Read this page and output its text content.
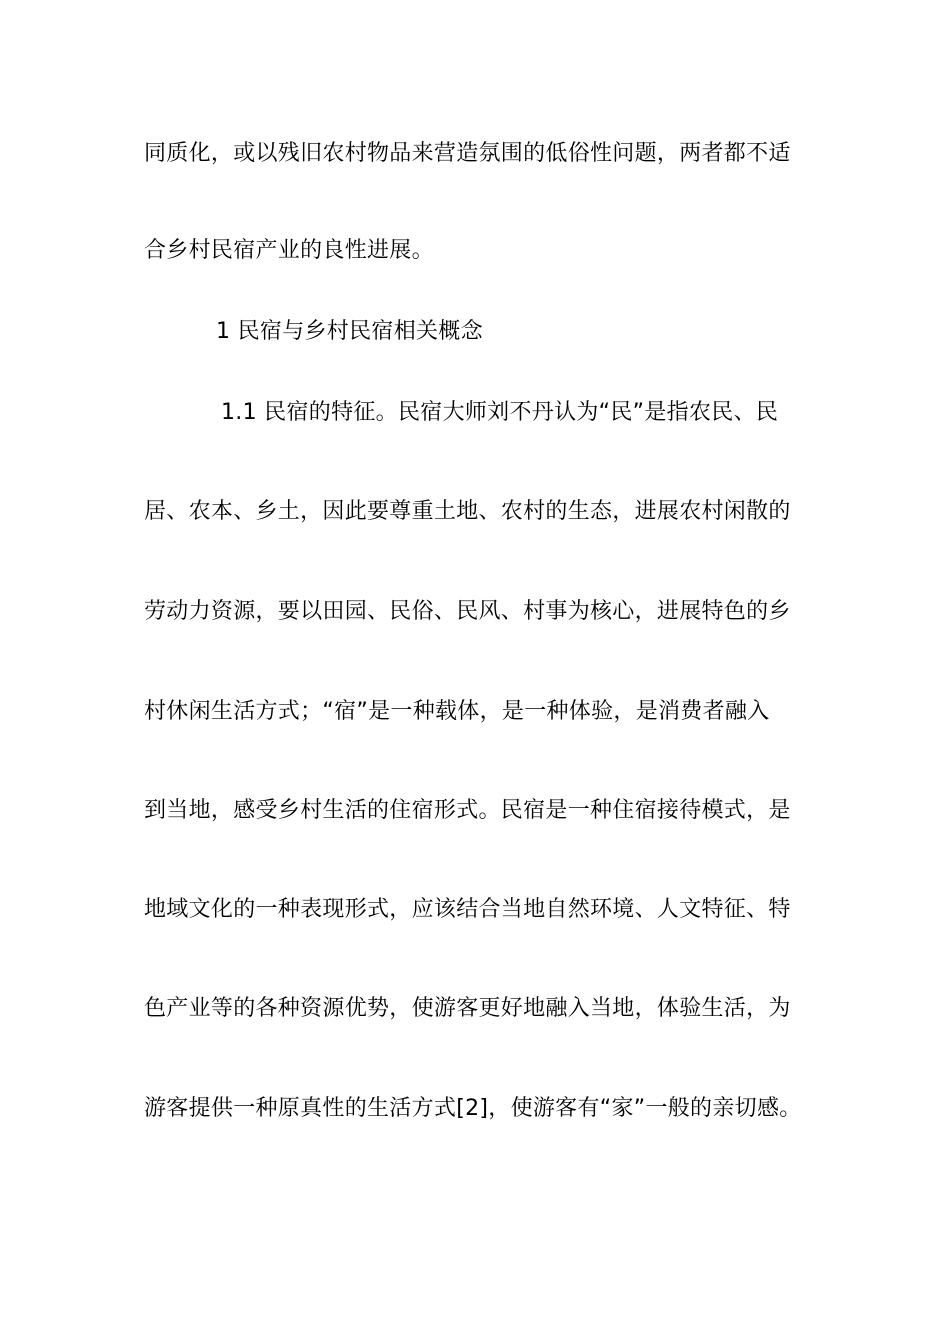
同质化，或以残旧农村物品来营造氛围的低俗性问题，两者都不适
合乡村民宿产业的良性进展。
1 民宿与乡村民宿相关概念
1.1 民宿的特征。民宿大师刘不丹认为“民”是指农民、民
居、农本、乡土，因此要尊重土地、农村的生态，进展农村闲散的
劳动力资源，要以田园、民俗、民风、村事为核心，进展特色的乡
村休闲生活方式；“宿”是一种载体，是一种体验，是消费者融入
到当地，感受乡村生活的住宿形式。民宿是一种住宿接待模式，是
地域文化的一种表现形式，应该结合当地自然环境、人文特征、特
色产业等的各种资源优势，使游客更好地融入当地，体验生活，为
游客提供一种原真性的生活方式[2]，使游客有“家”一般的亲切感。
